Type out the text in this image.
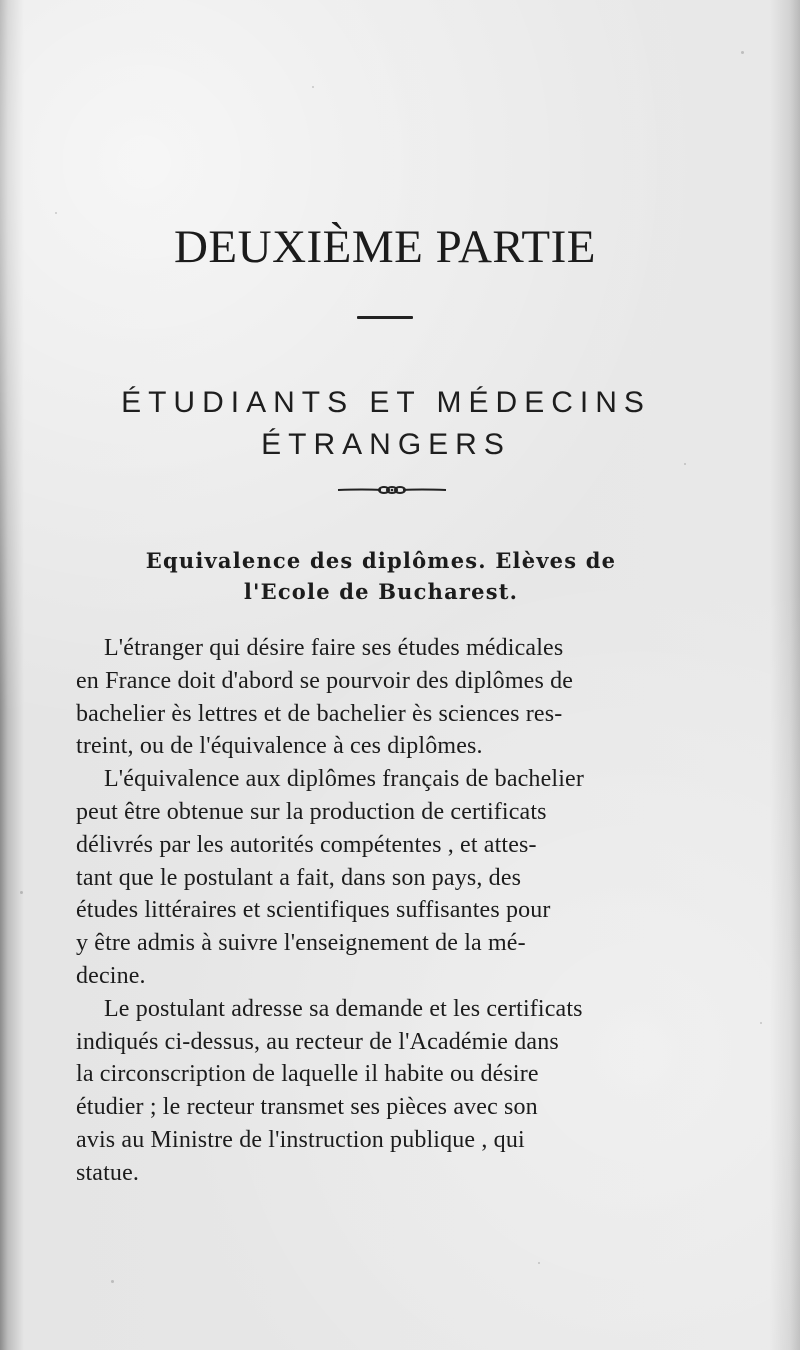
DEUXIÈME PARTIE
ÉTUDIANTS ET MÉDECINS
ÉTRANGERS
Equivalence des diplômes. Elèves de
l'Ecole de Bucharest.

L'étranger qui désire faire ses études médicales
en France doit d'abord se pourvoir des diplômes de
bachelier ès lettres et de bachelier ès sciences res-
treint, ou de l'équivalence à ces diplômes.

L'équivalence aux diplômes français de bachelier
peut être obtenue sur la production de certificats
délivrés par les autorités compétentes , et attes-
tant que le postulant a fait, dans son pays, des
études littéraires et scientifiques suffisantes pour
y être admis à suivre l'enseignement de la mé-
decine.

Le postulant adresse sa demande et les certificats
indiqués ci-dessus, au recteur de l'Académie dans
la circonscription de laquelle il habite ou désire
étudier ; le recteur transmet ses pièces avec son
avis au Ministre de l'instruction publique , qui
statue.
